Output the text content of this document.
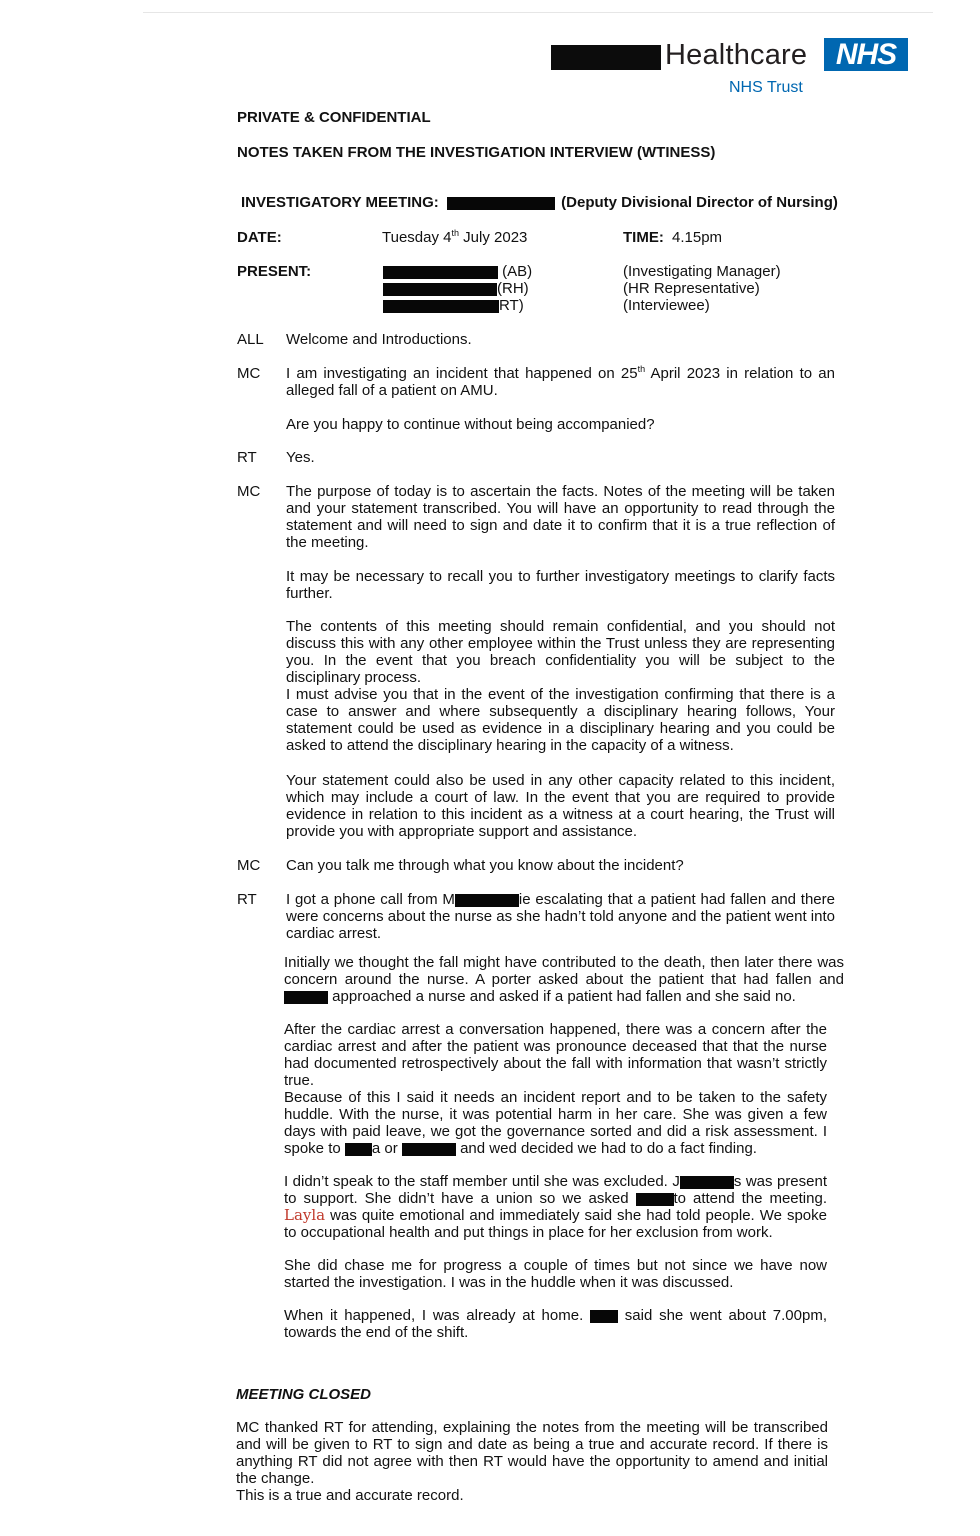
Healthcare NHS
NHS Trust
PRIVATE & CONFIDENTIAL
NOTES TAKEN FROM THE INVESTIGATION INTERVIEW (WTINESS)
INVESTIGATORY MEETING:	(Deputy Divisional Director of Nursing)
DATE:	Tuesday 4th July 2023	TIME: 4.15pm
PRESENT:	(AB)	(Investigating Manager)
(RH)	(HR Representative)
RT)	(Interviewee)
ALL Welcome and Introductions.
MC I am investigating an incident that happened on 25th April 2023 in relation to an alleged fall of a patient on AMU.
Are you happy to continue without being accompanied?
RT Yes.
MC The purpose of today is to ascertain the facts. Notes of the meeting will be taken and your statement transcribed. You will have an opportunity to read through the statement and will need to sign and date it to confirm that it is a true reflection of the meeting.
It may be necessary to recall you to further investigatory meetings to clarify facts further.
The contents of this meeting should remain confidential, and you should not discuss this with any other employee within the Trust unless they are representing you. In the event that you breach confidentiality you will be subject to the disciplinary process.
I must advise you that in the event of the investigation confirming that there is a case to answer and where subsequently a disciplinary hearing follows, Your statement could be used as evidence in a disciplinary hearing and you could be asked to attend the disciplinary hearing in the capacity of a witness.
Your statement could also be used in any other capacity related to this incident, which may include a court of law. In the event that you are required to provide evidence in relation to this incident as a witness at a court hearing, the Trust will provide you with appropriate support and assistance.
MC Can you talk me through what you know about the incident?
RT I got a phone call from M	ie escalating that a patient had fallen and there were concerns about the nurse as she hadn’t told anyone and the patient went into cardiac arrest.
Initially we thought the fall might have contributed to the death, then later there was concern around the nurse. A porter asked about the patient that had fallen and  approached a nurse and asked if a patient had fallen and she said no.
After the cardiac arrest a conversation happened, there was a concern after the cardiac arrest and after the patient was pronounce deceased that that the nurse had documented retrospectively about the fall with information that wasn’t strictly true.
Because of this I said it needs an incident report and to be taken to the safety huddle. With the nurse, it was potential harm in her care. She was given a few days with paid leave, we got the governance sorted and did a risk assessment. I spoke to a or	and wed decided we had to do a fact finding.
I didn’t speak to the staff member until she was excluded. J	s was present to support. She didn’t have a union so we asked	to attend the meeting. Layla was quite emotional and immediately said she had told people. We spoke to occupational health and put things in place for her exclusion from work.
She did chase me for progress a couple of times but not since we have now started the investigation. I was in the huddle when it was discussed.
When it happened, I was already at home.  said she went about 7.00pm, towards the end of the shift.
MEETING CLOSED
MC thanked RT for attending, explaining the notes from the meeting will be transcribed and will be given to RT to sign and date as being a true and accurate record. If there is anything RT did not agree with then RT would have the opportunity to amend and initial the change.
This is a true and accurate record.
